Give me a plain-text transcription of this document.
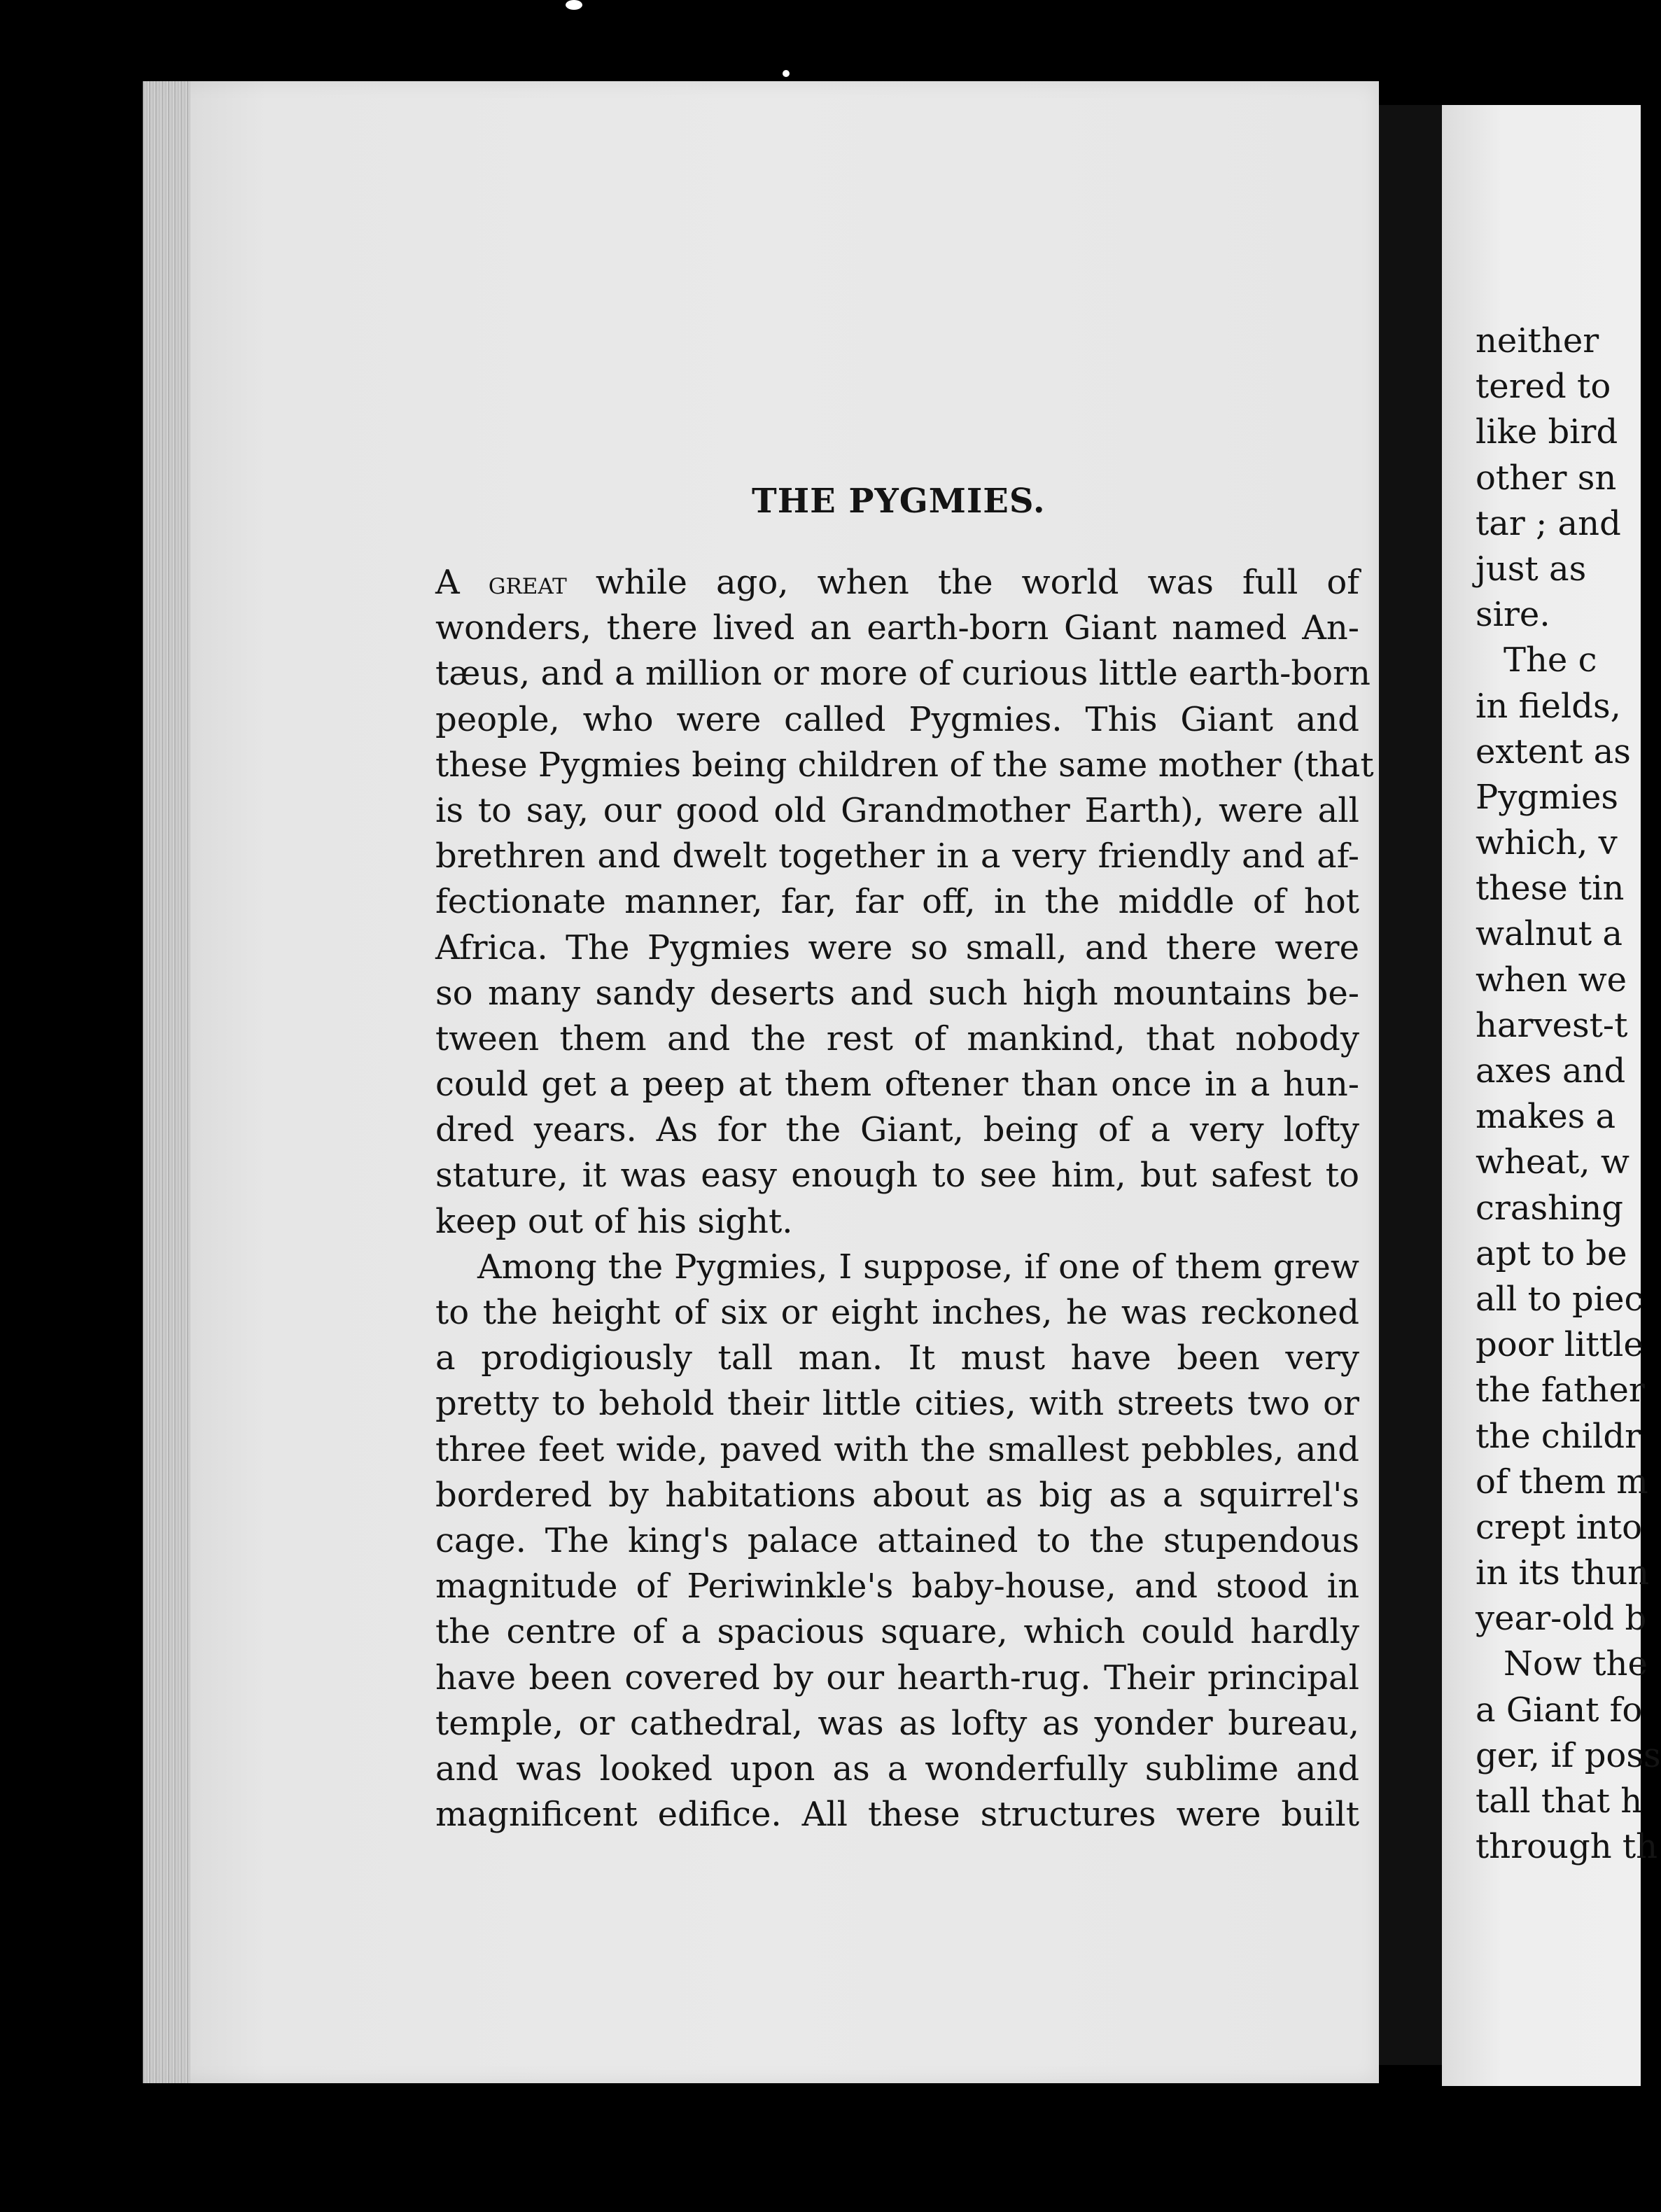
THE PYGMIES.
A great while ago, when the world was full of
wonders, there lived an earth-born Giant named An-
tæus, and a million or more of curious little earth-born
people, who were called Pygmies. This Giant and
these Pygmies being children of the same mother (that
is to say, our good old Grandmother Earth), were all
brethren and dwelt together in a very friendly and af-
fectionate manner, far, far off, in the middle of hot
Africa. The Pygmies were so small, and there were
so many sandy deserts and such high mountains be-
tween them and the rest of mankind, that nobody
could get a peep at them oftener than once in a hun-
dred years. As for the Giant, being of a very lofty
stature, it was easy enough to see him, but safest to
keep out of his sight.
Among the Pygmies, I suppose, if one of them grew
to the height of six or eight inches, he was reckoned
a prodigiously tall man. It must have been very
pretty to behold their little cities, with streets two or
three feet wide, paved with the smallest pebbles, and
bordered by habitations about as big as a squirrel's
cage. The king's palace attained to the stupendous
magnitude of Periwinkle's baby-house, and stood in
the centre of a spacious square, which could hardly
have been covered by our hearth-rug. Their principal
temple, or cathedral, was as lofty as yonder bureau,
and was looked upon as a wonderfully sublime and
magnificent edifice. All these structures were built
neither
tered to
like bird
other sn
tar ; and
just as
sire.
The c
in fields,
extent as
Pygmies
which, v
these tin
walnut a
when we
harvest-t
axes and
makes a
wheat, w
crashing
apt to be
all to piec
poor little
the father
the childr
of them m
crept into
in its thun
year-old b
Now the
a Giant fo
ger, if poss
tall that h
through th
